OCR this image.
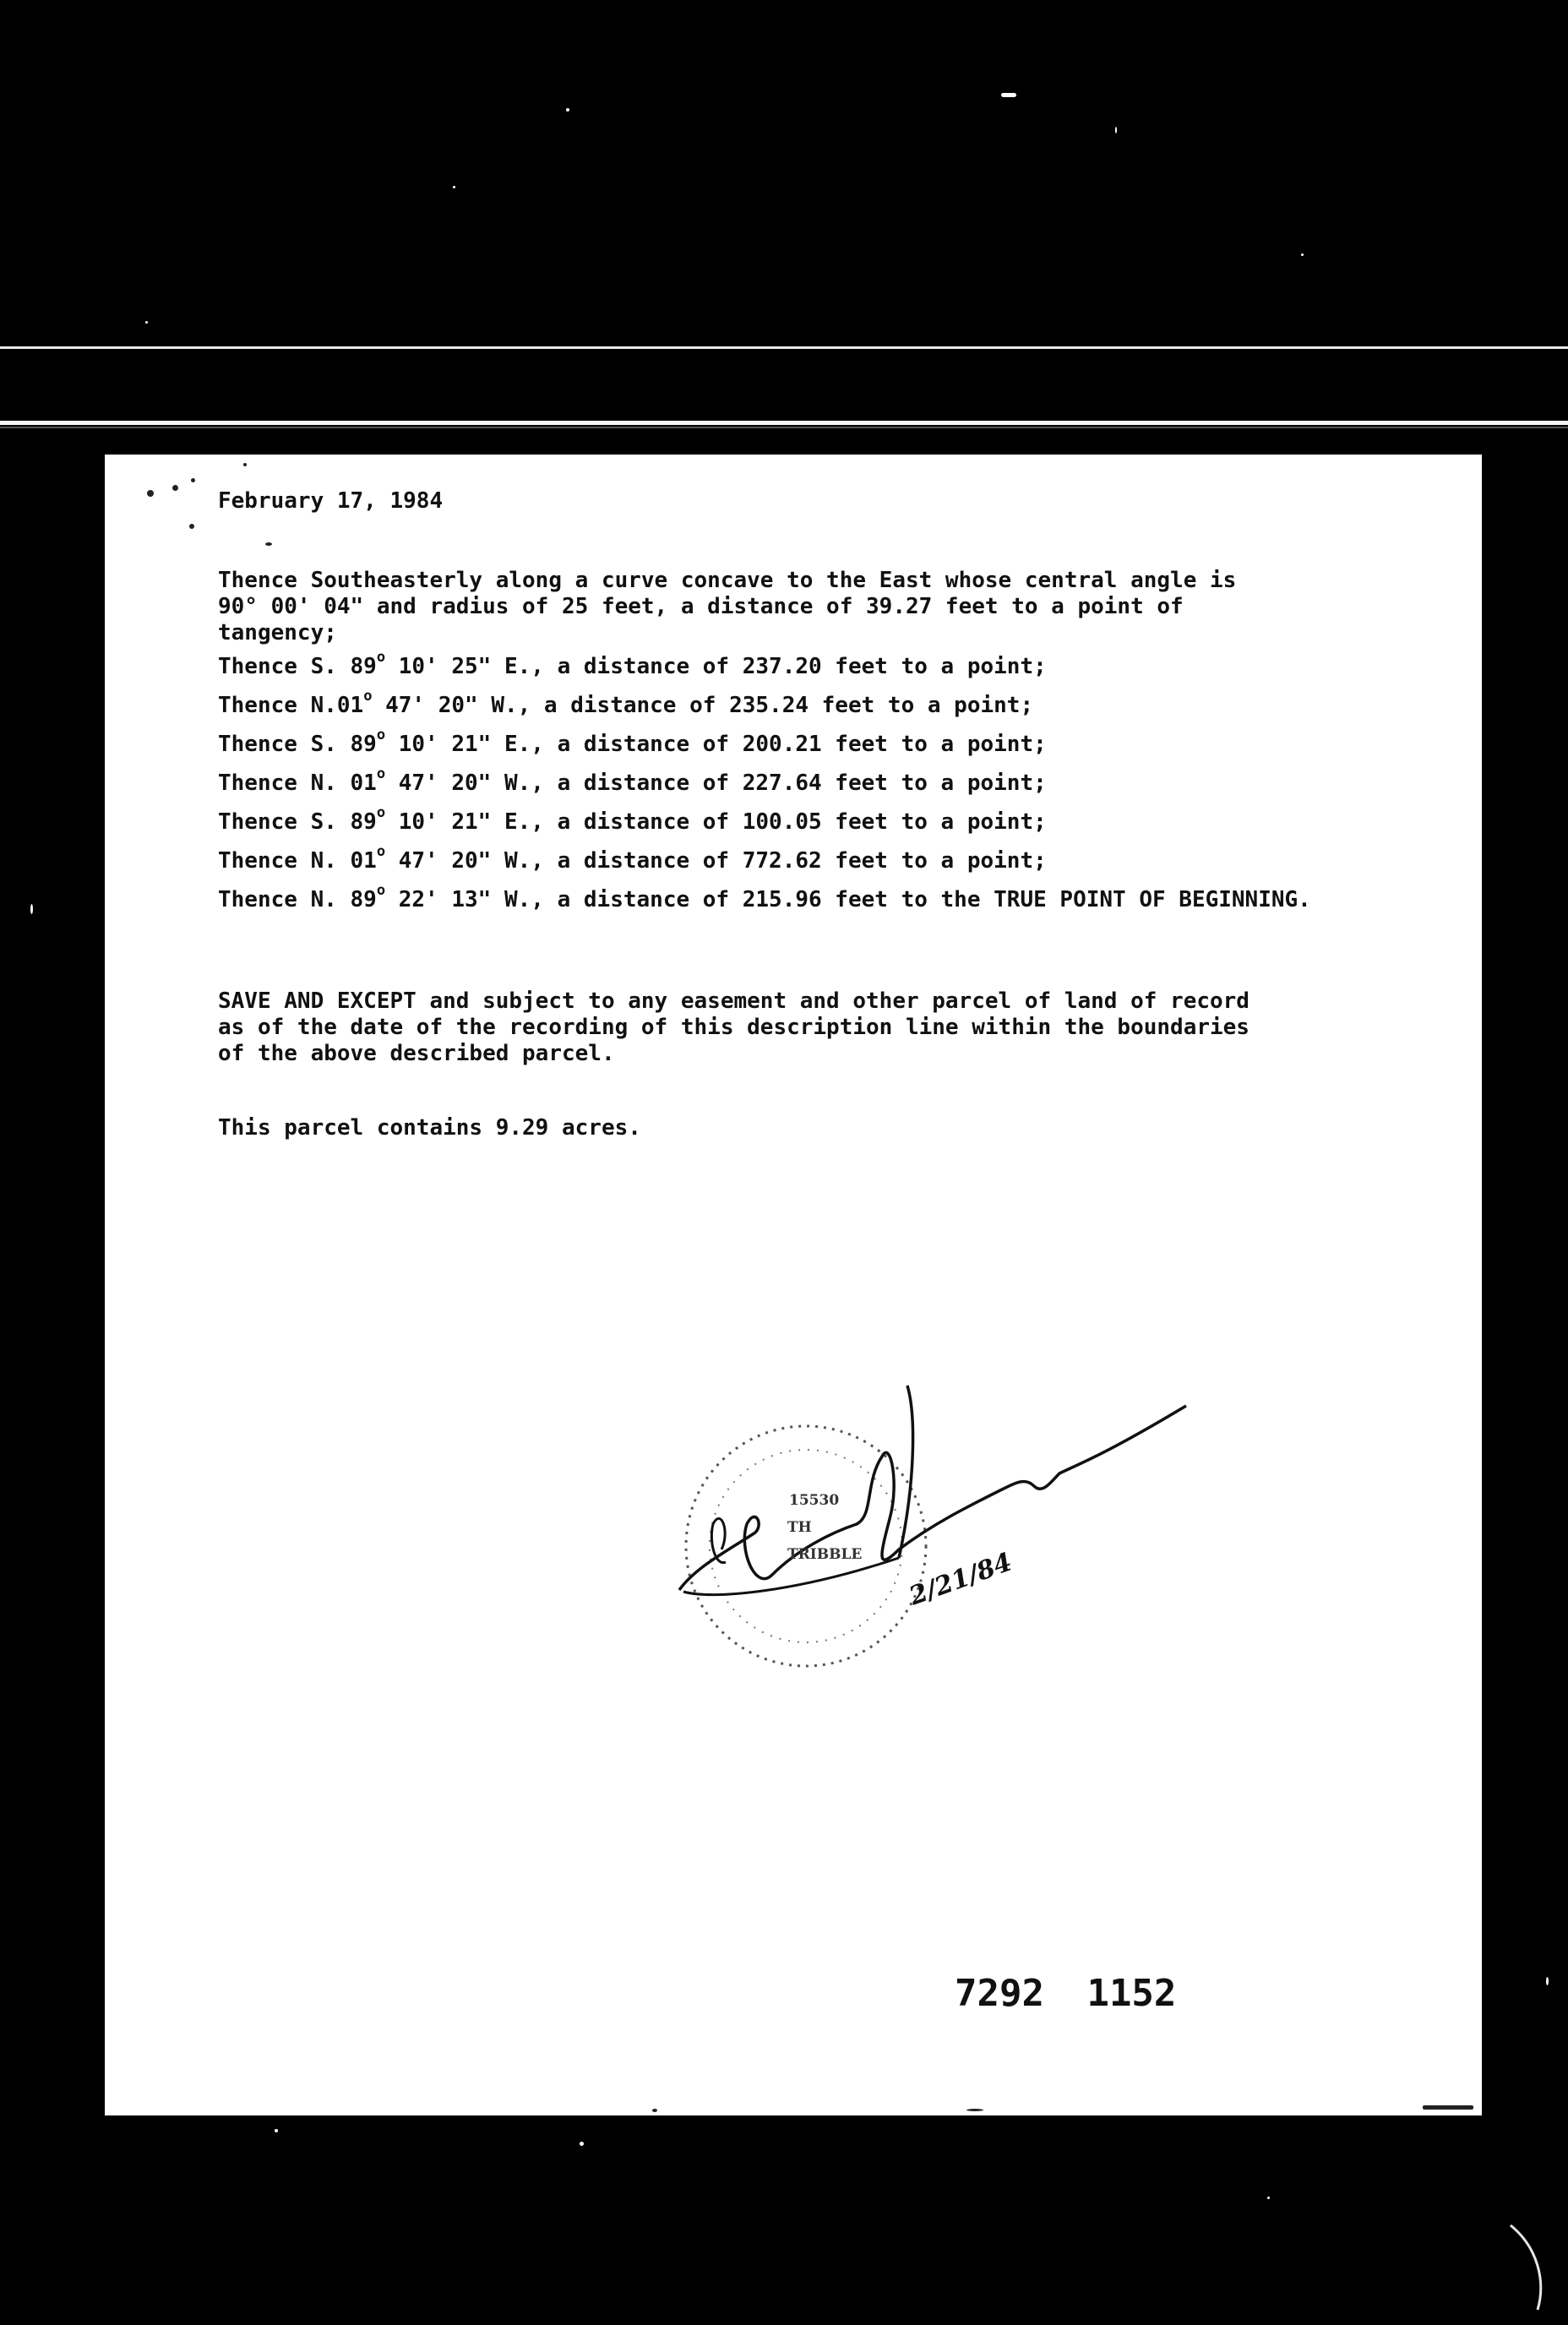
February 17, 1984
Thence Southeasterly along a curve concave to the East whose central angle is
90° 00' 04" and radius of 25 feet, a distance of 39.27 feet to a point of
tangency;
Thence S. 89$^o$ 10' 25" E., a distance of 237.20 feet to a point;
Thence N.01$^o$ 47' 20" W., a distance of 235.24 feet to a point;
Thence S. 89$^o$ 10' 21" E., a distance of 200.21 feet to a point;
Thence N. 01$^o$ 47' 20" W., a distance of 227.64 feet to a point;
Thence S. 89$^o$ 10' 21" E., a distance of 100.05 feet to a point;
Thence N. 01$^o$ 47' 20" W., a distance of 772.62 feet to a point;
Thence N. 89$^o$ 22' 13" W., a distance of 215.96 feet to the TRUE POINT OF BEGINNING.
SAVE AND EXCEPT and subject to any easement and other parcel of land of record
as of the date of the recording of this description line within the boundaries
of the above described parcel.
This parcel contains 9.29 acres.
15530
TH
TRIBBLE 2/21/84
7292 1152
